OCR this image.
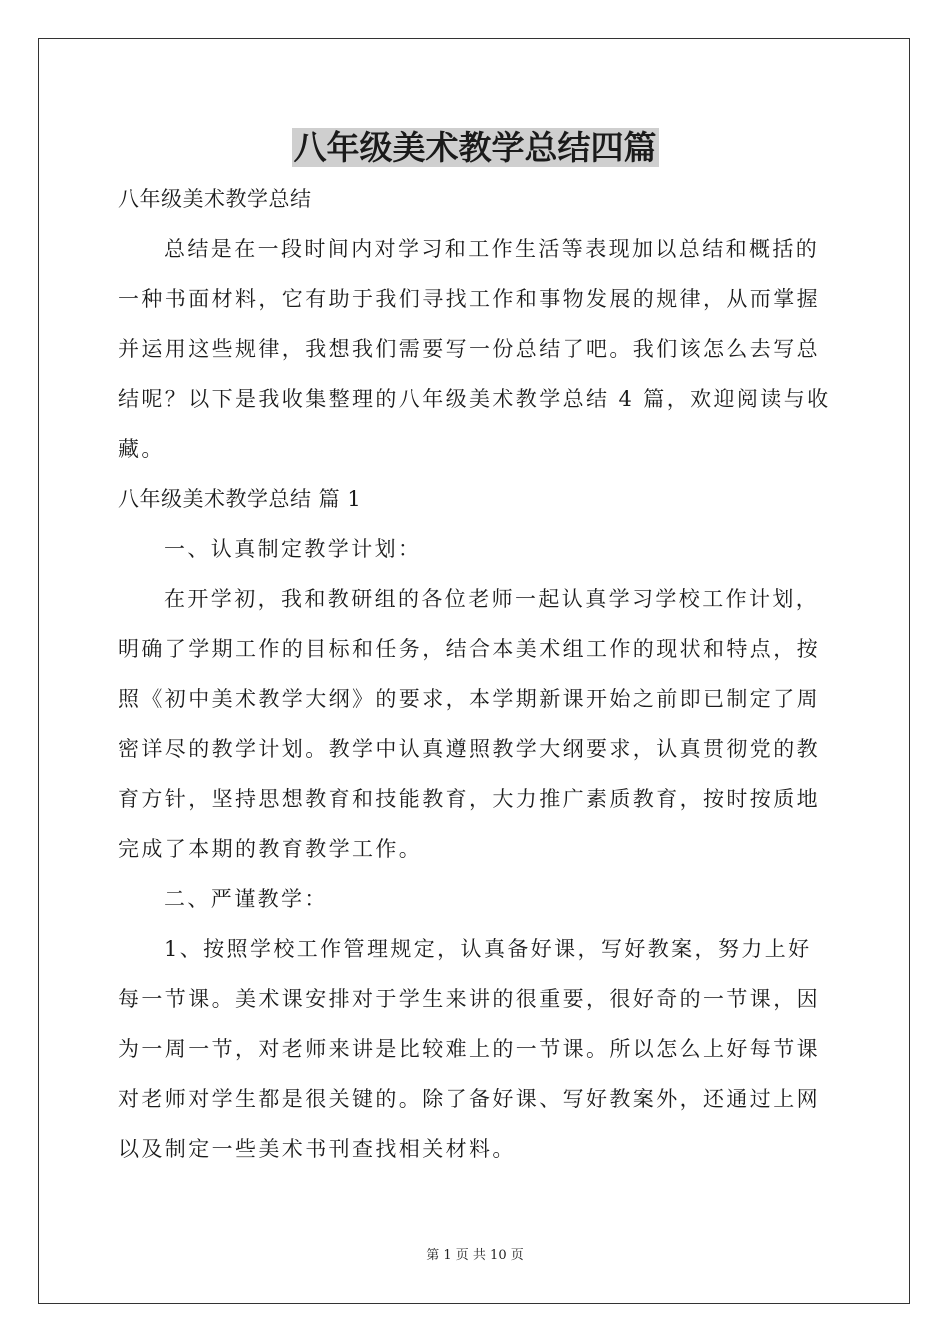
八年级美术教学总结四篇
八年级美术教学总结
总结是在一段时间内对学习和工作生活等表现加以总结和概括的
一种书面材料，它有助于我们寻找工作和事物发展的规律，从而掌握
并运用这些规律，我想我们需要写一份总结了吧。我们该怎么去写总
结呢？以下是我收集整理的八年级美术教学总结 4 篇，欢迎阅读与收
藏。
八年级美术教学总结 篇 1
一、认真制定教学计划：
在开学初，我和教研组的各位老师一起认真学习学校工作计划，
明确了学期工作的目标和任务，结合本美术组工作的现状和特点，按
照《初中美术教学大纲》的要求，本学期新课开始之前即已制定了周
密详尽的教学计划。教学中认真遵照教学大纲要求，认真贯彻党的教
育方针，坚持思想教育和技能教育，大力推广素质教育，按时按质地
完成了本期的教育教学工作。
二、严谨教学：
1、按照学校工作管理规定，认真备好课，写好教案，努力上好
每一节课。美术课安排对于学生来讲的很重要，很好奇的一节课，因
为一周一节，对老师来讲是比较难上的一节课。所以怎么上好每节课
对老师对学生都是很关键的。除了备好课、写好教案外，还通过上网
以及制定一些美术书刊查找相关材料。
第 1 页 共 10 页
